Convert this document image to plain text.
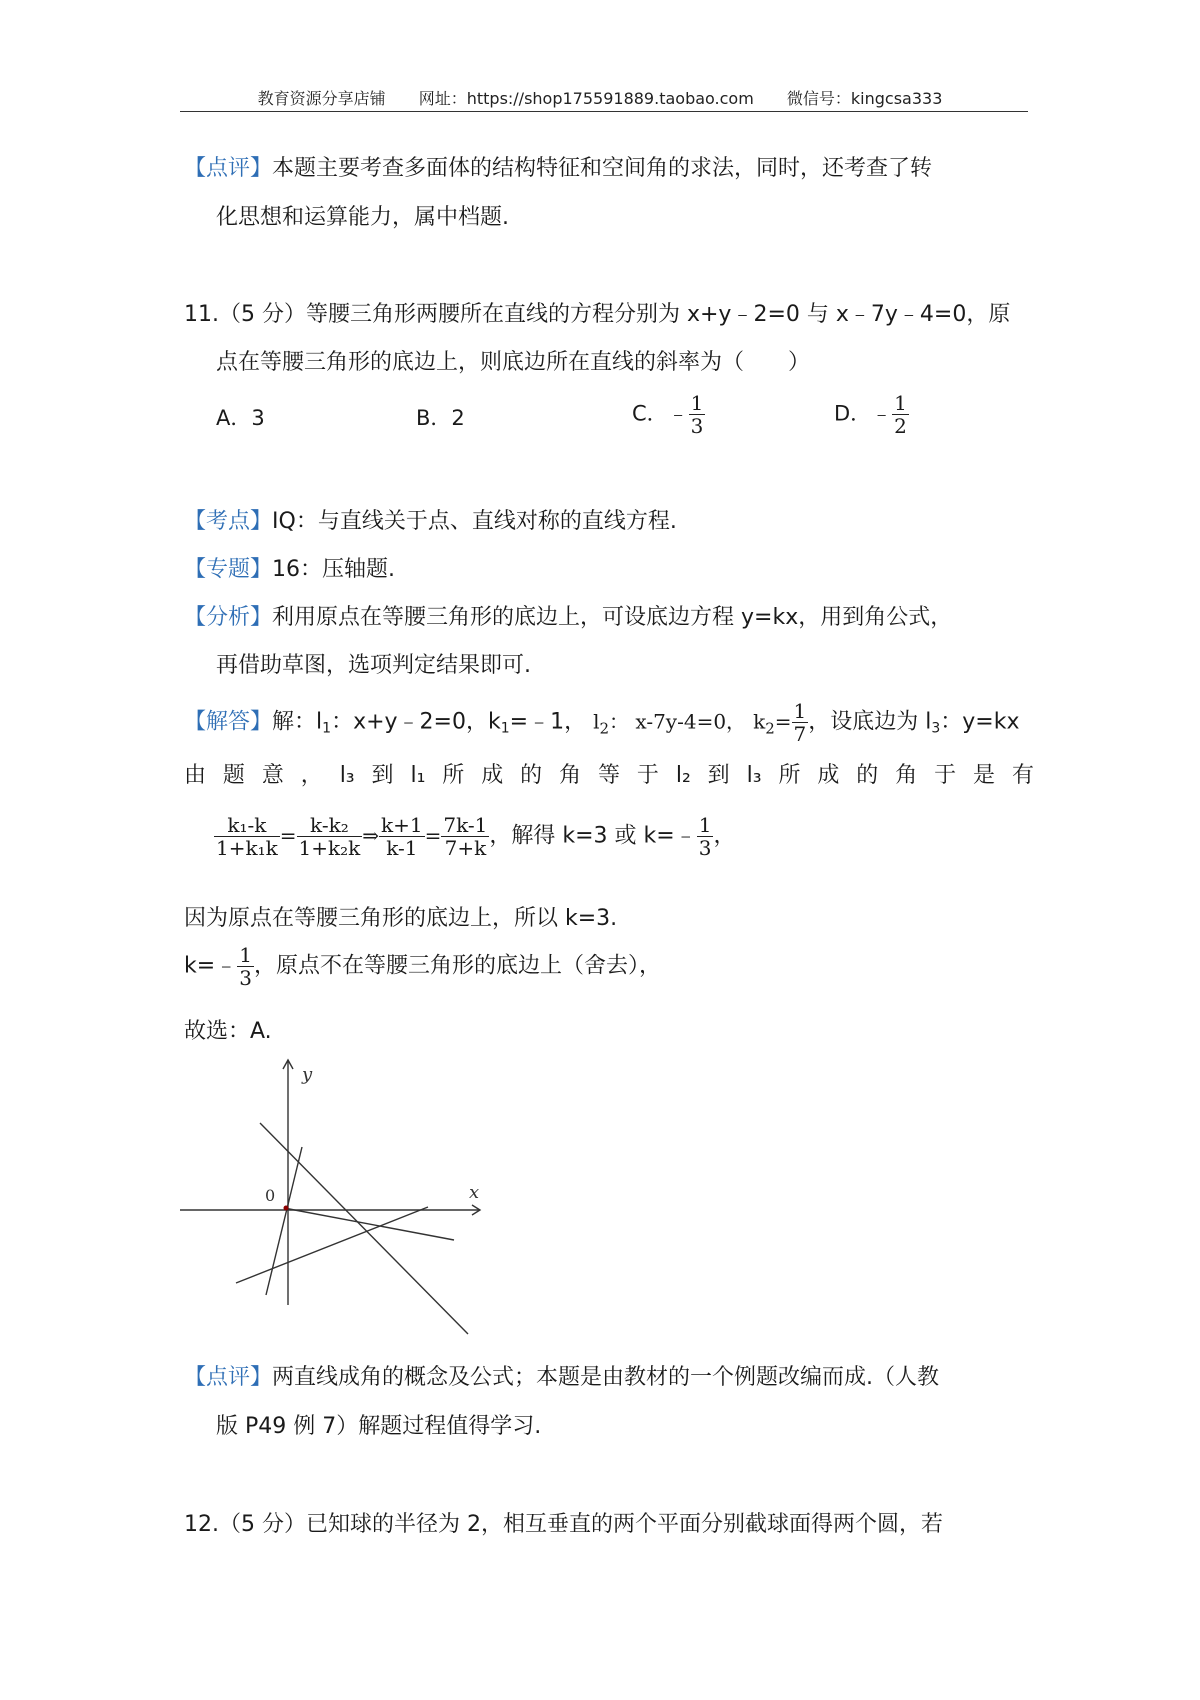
教育资源分享店铺 网址：https://shop175591889.taobao.com 微信号：kingcsa333
【点评】本题主要考查多面体的结构特征和空间角的求法，同时，还考查了转
化思想和运算能力，属中档题.
11.（5 分）等腰三角形两腰所在直线的方程分别为 x+y﹣2=0 与 x﹣7y﹣4=0，原
点在等腰三角形的底边上，则底边所在直线的斜率为（　　）
A．3	B．2	C．﹣ $\frac{1}{3}$	D．﹣ $\frac{1}{2}$
【考点】IQ：与直线关于点、直线对称的直线方程.
【专题】16：压轴题.
【分析】利用原点在等腰三角形的底边上，可设底边方程 y=kx，用到角公式，
再借助草图，选项判定结果即可.
【解答】解：$l_1$：x+y﹣2=0，$k_1=﹣1$， $l_2$： x-7y-4=0， $k_2= \frac{1}{7}$ ，设底边为 $l_3$：y=kx
由 题 意 ， l₃ 到 l₁ 所 成 的 角 等 于 l₂ 到 l₃ 所 成 的 角 于 是 有
$\frac{\text{k₁-k}}{\text{1+k₁k}} = \frac{\text{k-k₂}}{\text{1+k₂k}}$ ⇒ $\frac{k+1}{k-1} = \frac{7k-1}{7+k}$ ，解得 k=3 或 k=﹣ $\frac{1}{3}$ ，
因为原点在等腰三角形的底边上，所以 k=3.
k=﹣ $\frac{1}{3}$ ，原点不在等腰三角形的底边上（舍去），
故选：A.
y
x
0
【点评】两直线成角的概念及公式；本题是由教材的一个例题改编而成.（人教
版 P49 例 7）解题过程值得学习.
12.（5 分）已知球的半径为 2，相互垂直的两个平面分别截球面得两个圆，若
